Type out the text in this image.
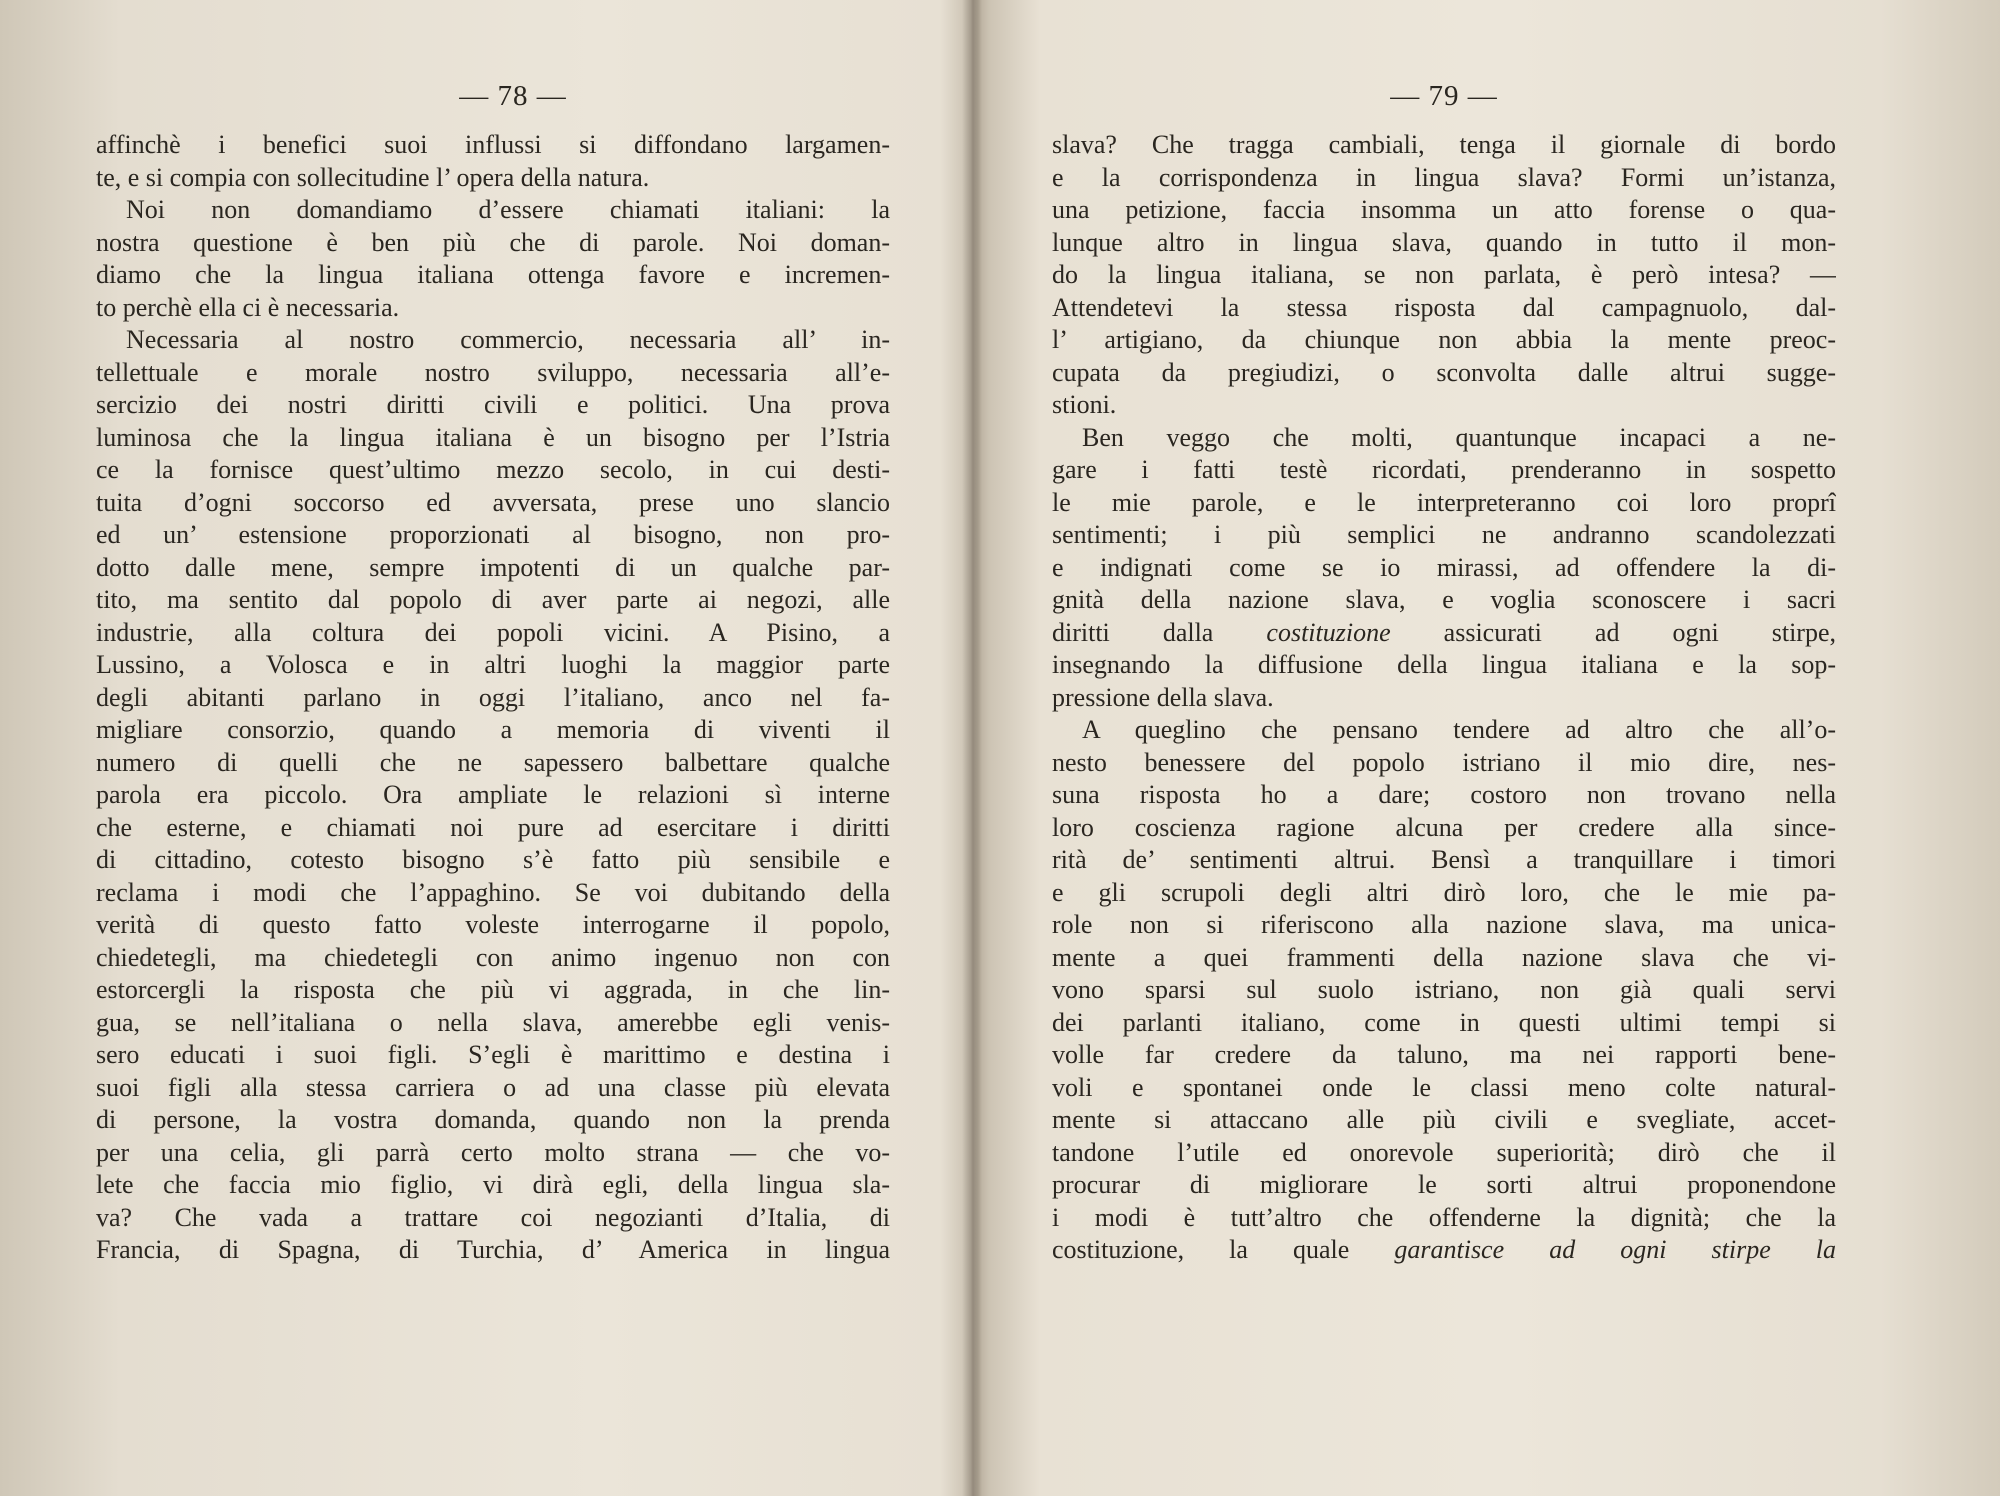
— 78 —
affinchè i benefici suoi influssi si diffondano largamen-
te, e si compia con sollecitudine l’ opera della natura.
Noi non domandiamo d’essere chiamati italiani: la
nostra questione è ben più che di parole. Noi doman-
diamo che la lingua italiana ottenga favore e incremen-
to perchè ella ci è necessaria.
Necessaria al nostro commercio, necessaria all’ in-
tellettuale e morale nostro sviluppo, necessaria all’e-
sercizio dei nostri diritti civili e politici. Una prova
luminosa che la lingua italiana è un bisogno per l’Istria
ce la fornisce quest’ultimo mezzo secolo, in cui desti-
tuita d’ogni soccorso ed avversata, prese uno slancio
ed un’ estensione proporzionati al bisogno, non pro-
dotto dalle mene, sempre impotenti di un qualche par-
tito, ma sentito dal popolo di aver parte ai negozi, alle
industrie, alla coltura dei popoli vicini. A Pisino, a
Lussino, a Volosca e in altri luoghi la maggior parte
degli abitanti parlano in oggi l’italiano, anco nel fa-
migliare consorzio, quando a memoria di viventi il
numero di quelli che ne sapessero balbettare qualche
parola era piccolo. Ora ampliate le relazioni sì interne
che esterne, e chiamati noi pure ad esercitare i diritti
di cittadino, cotesto bisogno s’è fatto più sensibile e
reclama i modi che l’appaghino. Se voi dubitando della
verità di questo fatto voleste interrogarne il popolo,
chiedetegli, ma chiedetegli con animo ingenuo non con
estorcergli la risposta che più vi aggrada, in che lin-
gua, se nell’italiana o nella slava, amerebbe egli venis-
sero educati i suoi figli. S’egli è marittimo e destina i
suoi figli alla stessa carriera o ad una classe più elevata
di persone, la vostra domanda, quando non la prenda
per una celia, gli parrà certo molto strana — che vo-
lete che faccia mio figlio, vi dirà egli, della lingua sla-
va? Che vada a trattare coi negozianti d’Italia, di
Francia, di Spagna, di Turchia, d’ America in lingua
— 79 —
slava? Che tragga cambiali, tenga il giornale di bordo
e la corrispondenza in lingua slava? Formi un’istanza,
una petizione, faccia insomma un atto forense o qua-
lunque altro in lingua slava, quando in tutto il mon-
do la lingua italiana, se non parlata, è però intesa? —
Attendetevi la stessa risposta dal campagnuolo, dal-
l’ artigiano, da chiunque non abbia la mente preoc-
cupata da pregiudizi, o sconvolta dalle altrui sugge-
stioni.
Ben veggo che molti, quantunque incapaci a ne-
gare i fatti testè ricordati, prenderanno in sospetto
le mie parole, e le interpreteranno coi loro proprî
sentimenti; i più semplici ne andranno scandolezzati
e indignati come se io mirassi, ad offendere la di-
gnità della nazione slava, e voglia sconoscere i sacri
diritti dalla costituzione assicurati ad ogni stirpe,
insegnando la diffusione della lingua italiana e la sop-
pressione della slava.
A queglino che pensano tendere ad altro che all’o-
nesto benessere del popolo istriano il mio dire, nes-
suna risposta ho a dare; costoro non trovano nella
loro coscienza ragione alcuna per credere alla since-
rità de’ sentimenti altrui. Bensì a tranquillare i timori
e gli scrupoli degli altri dirò loro, che le mie pa-
role non si riferiscono alla nazione slava, ma unica-
mente a quei frammenti della nazione slava che vi-
vono sparsi sul suolo istriano, non già quali servi
dei parlanti italiano, come in questi ultimi tempi si
volle far credere da taluno, ma nei rapporti bene-
voli e spontanei onde le classi meno colte natural-
mente si attaccano alle più civili e svegliate, accet-
tandone l’utile ed onorevole superiorità; dirò che il
procurar di migliorare le sorti altrui proponendone
i modi è tutt’altro che offenderne la dignità; che la
costituzione, la quale garantisce ad ogni stirpe la
